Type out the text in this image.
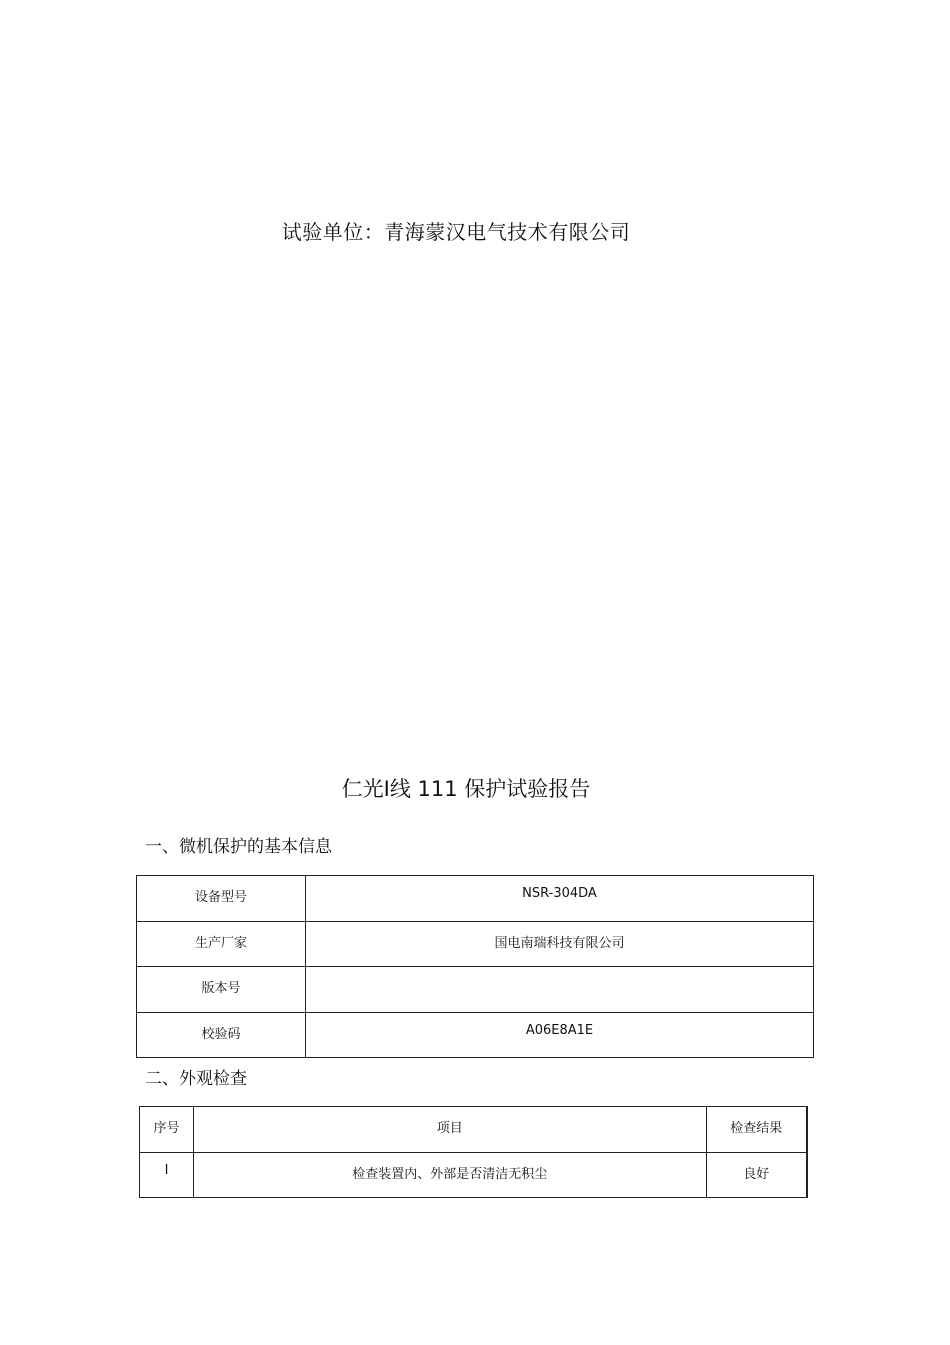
试验单位：青海蒙汉电气技术有限公司
仁光Ⅰ线 111 保护试验报告
一、微机保护的基本信息
设备型号	NSR-304DA
生产厂家	国电南瑞科技有限公司
版本号	
校验码	A06E8A1E
二、外观检查
序号	项目	检查结果
I	检查装置内、外部是否清洁无积尘	良好
